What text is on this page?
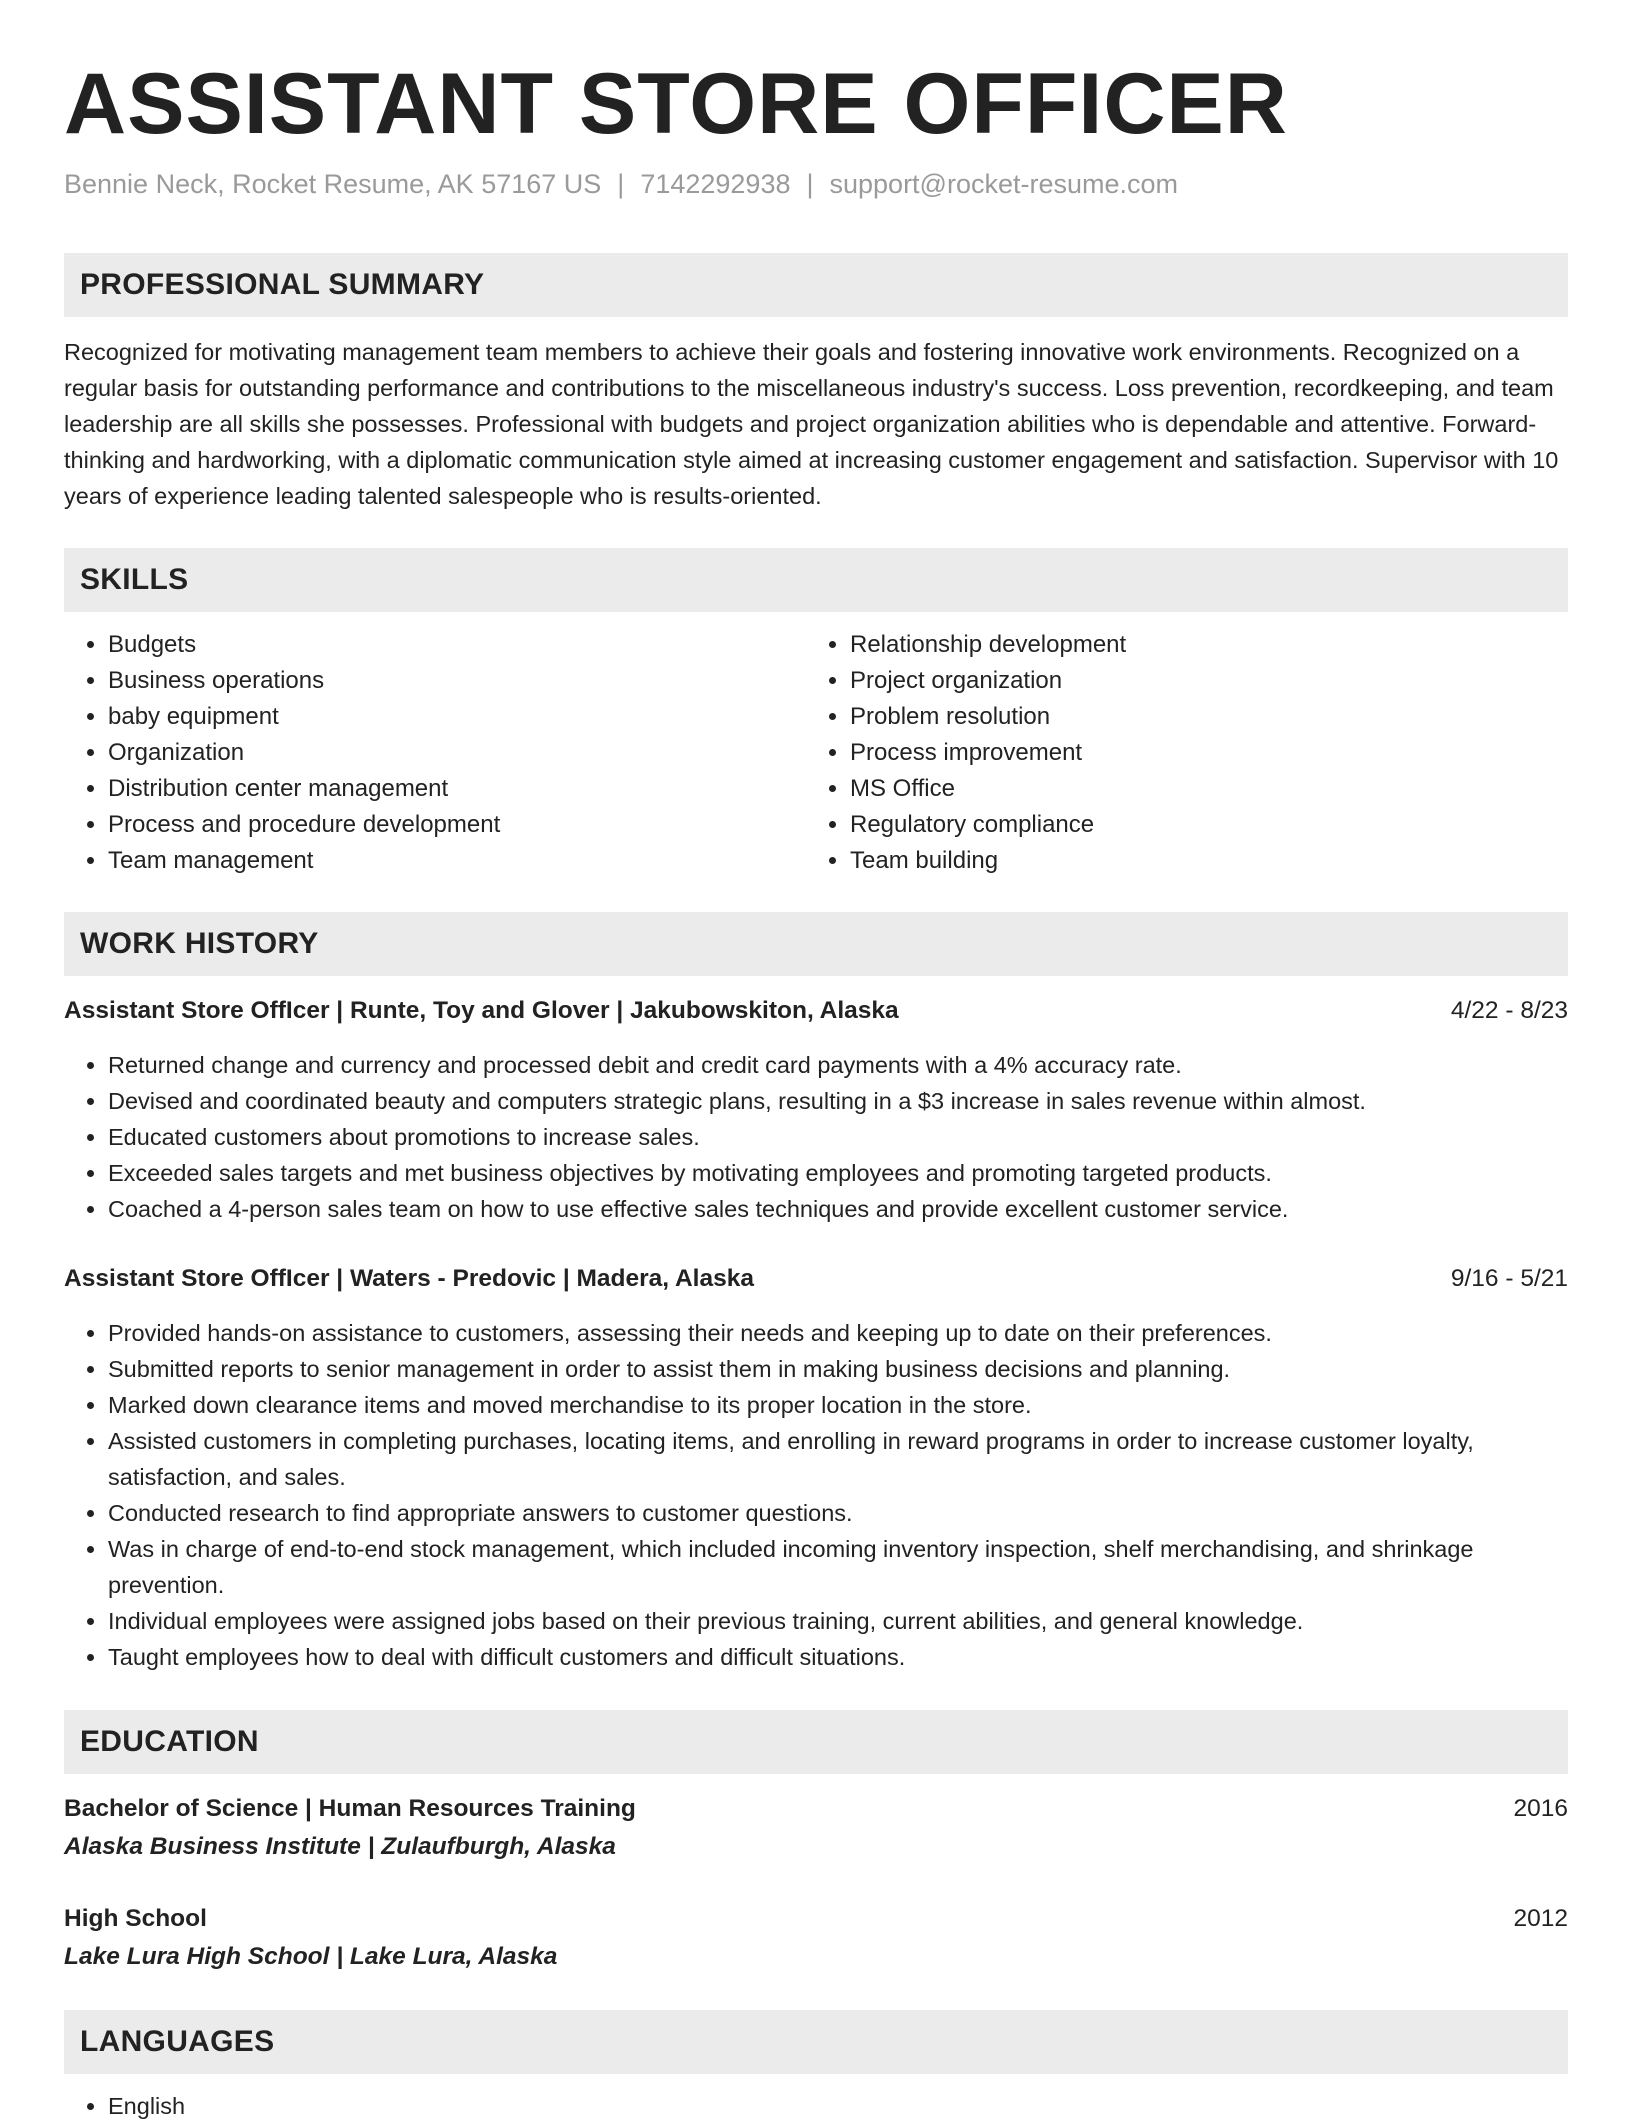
ASSISTANT STORE OFFICER
Bennie Neck, Rocket Resume, AK 57167 US | 7142292938 | support@rocket-resume.com
PROFESSIONAL SUMMARY

Recognized for motivating management team members to achieve their goals and fostering innovative work environments. Recognized on a regular basis for outstanding performance and contributions to the miscellaneous industry's success. Loss prevention, recordkeeping, and team leadership are all skills she possesses. Professional with budgets and project organization abilities who is dependable and attentive. Forward-thinking and hardworking, with a diplomatic communication style aimed at increasing customer engagement and satisfaction. Supervisor with 10 years of experience leading talented salespeople who is results-oriented.

SKILLS
• Budgets
• Business operations
• baby equipment
• Organization
• Distribution center management
• Process and procedure development
• Team management
• Relationship development
• Project organization
• Problem resolution
• Process improvement
• MS Office
• Regulatory compliance
• Team building
WORK HISTORY
Assistant Store OffIcer | Runte, Toy and Glover | Jakubowskiton, Alaska	4/22 - 8/23
• Returned change and currency and processed debit and credit card payments with a 4% accuracy rate.
• Devised and coordinated beauty and computers strategic plans, resulting in a $3 increase in sales revenue within almost.
• Educated customers about promotions to increase sales.
• Exceeded sales targets and met business objectives by motivating employees and promoting targeted products.
• Coached a 4-person sales team on how to use effective sales techniques and provide excellent customer service.
Assistant Store OffIcer | Waters - Predovic | Madera, Alaska	9/16 - 5/21
• Provided hands-on assistance to customers, assessing their needs and keeping up to date on their preferences.
• Submitted reports to senior management in order to assist them in making business decisions and planning.
• Marked down clearance items and moved merchandise to its proper location in the store.
• Assisted customers in completing purchases, locating items, and enrolling in reward programs in order to increase customer loyalty, satisfaction, and sales.
• Conducted research to find appropriate answers to customer questions.
• Was in charge of end-to-end stock management, which included incoming inventory inspection, shelf merchandising, and shrinkage prevention.
• Individual employees were assigned jobs based on their previous training, current abilities, and general knowledge.
• Taught employees how to deal with difficult customers and difficult situations.
EDUCATION
Bachelor of Science | Human Resources Training	2016
Alaska Business Institute | Zulaufburgh, Alaska
High School	2012
Lake Lura High School | Lake Lura, Alaska
LANGUAGES
• English
